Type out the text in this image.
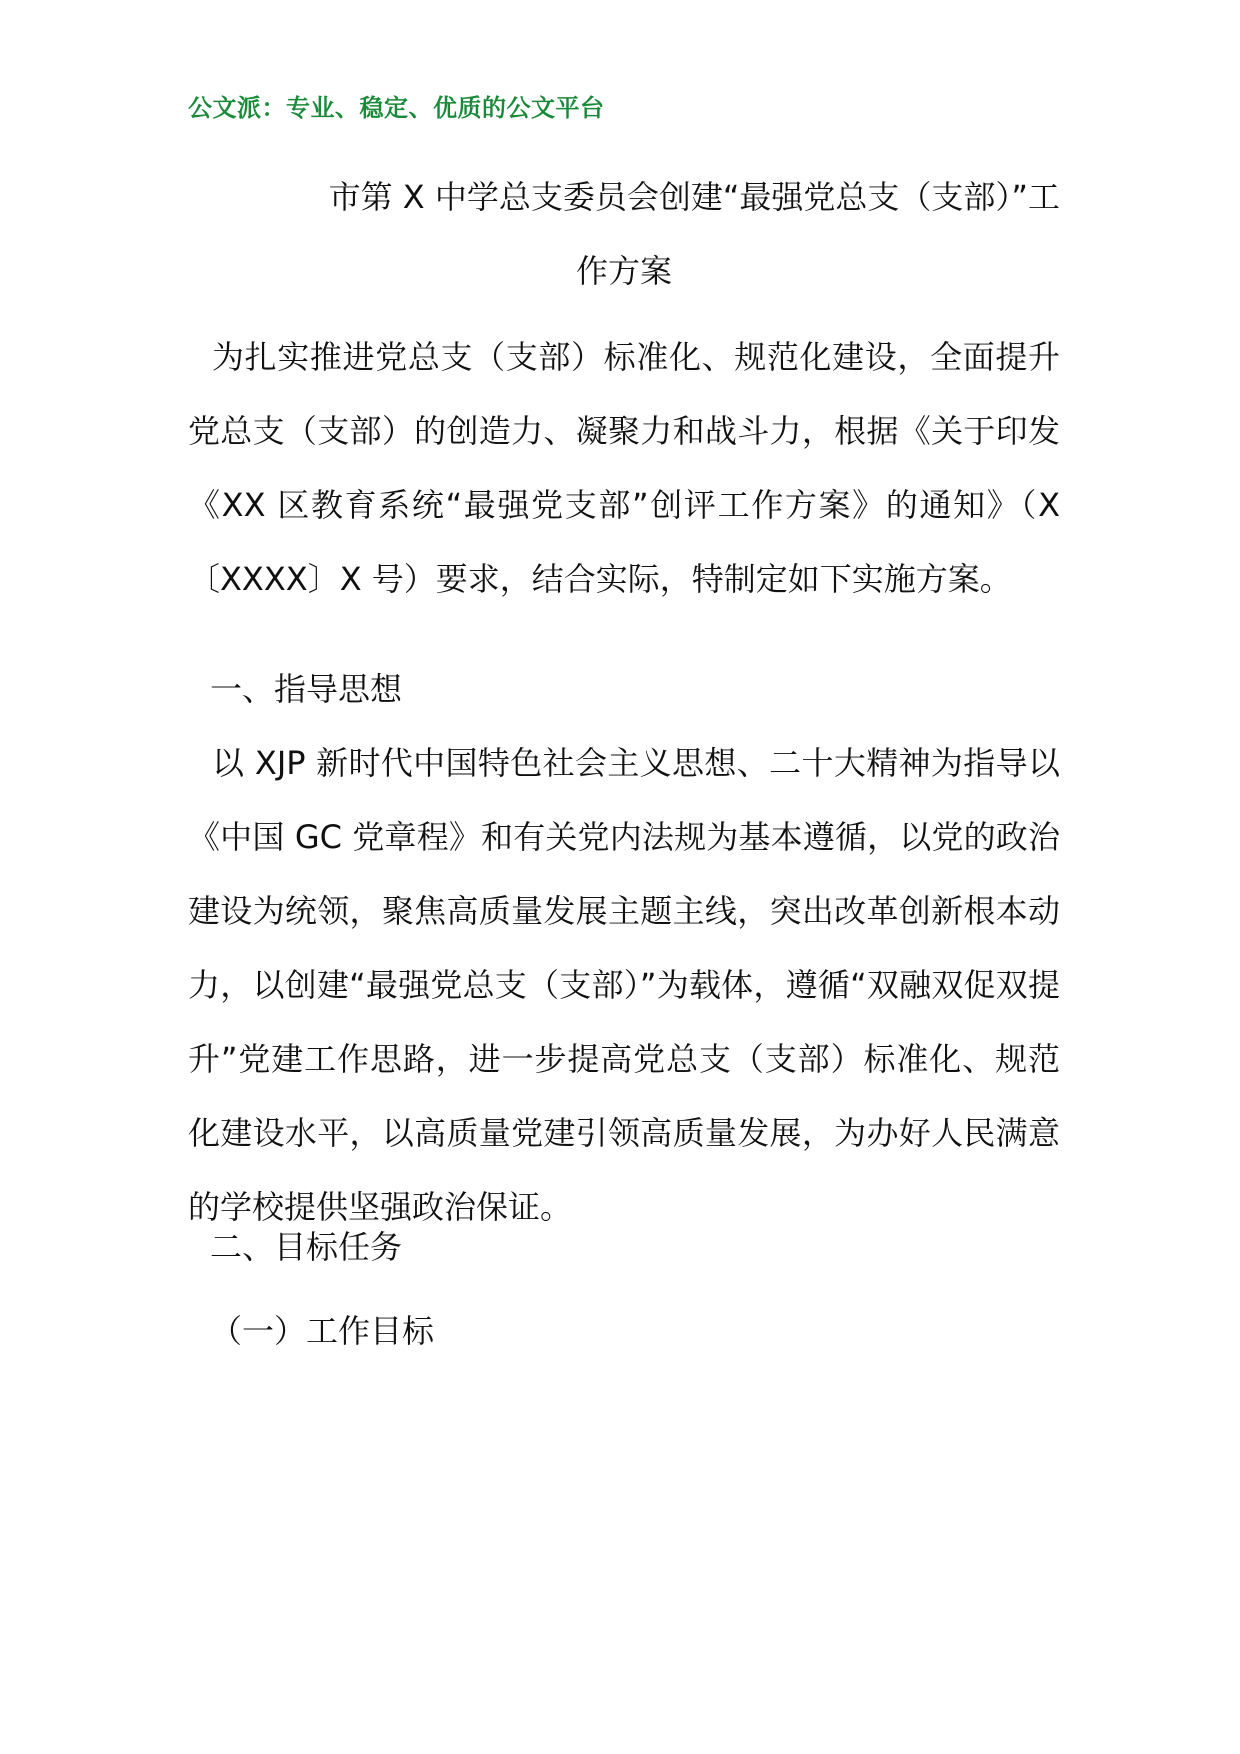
公文派：专业、稳定、优质的公文平台
市第 X 中学总支委员会创建“最强党总支（支部）”工
作方案

为扎实推进党总支（支部）标准化、规范化建设，全面提升党总支（支部）的创造力、凝聚力和战斗力，根据《关于印发《XX 区教育系统“最强党支部”创评工作方案》的通知》（X〔XXXX〕X 号）要求，结合实际，特制定如下实施方案。

一、指导思想

以 XJP 新时代中国特色社会主义思想、二十大精神为指导以《中国 GC 党章程》和有关党内法规为基本遵循，以党的政治建设为统领，聚焦高质量发展主题主线，突出改革创新根本动力，以创建“最强党总支（支部）”为载体，遵循“双融双促双提升”党建工作思路，进一步提高党总支（支部）标准化、规范化建设水平，以高质量党建引领高质量发展，为办好人民满意的学校提供坚强政治保证。

二、目标任务

（一）工作目标
